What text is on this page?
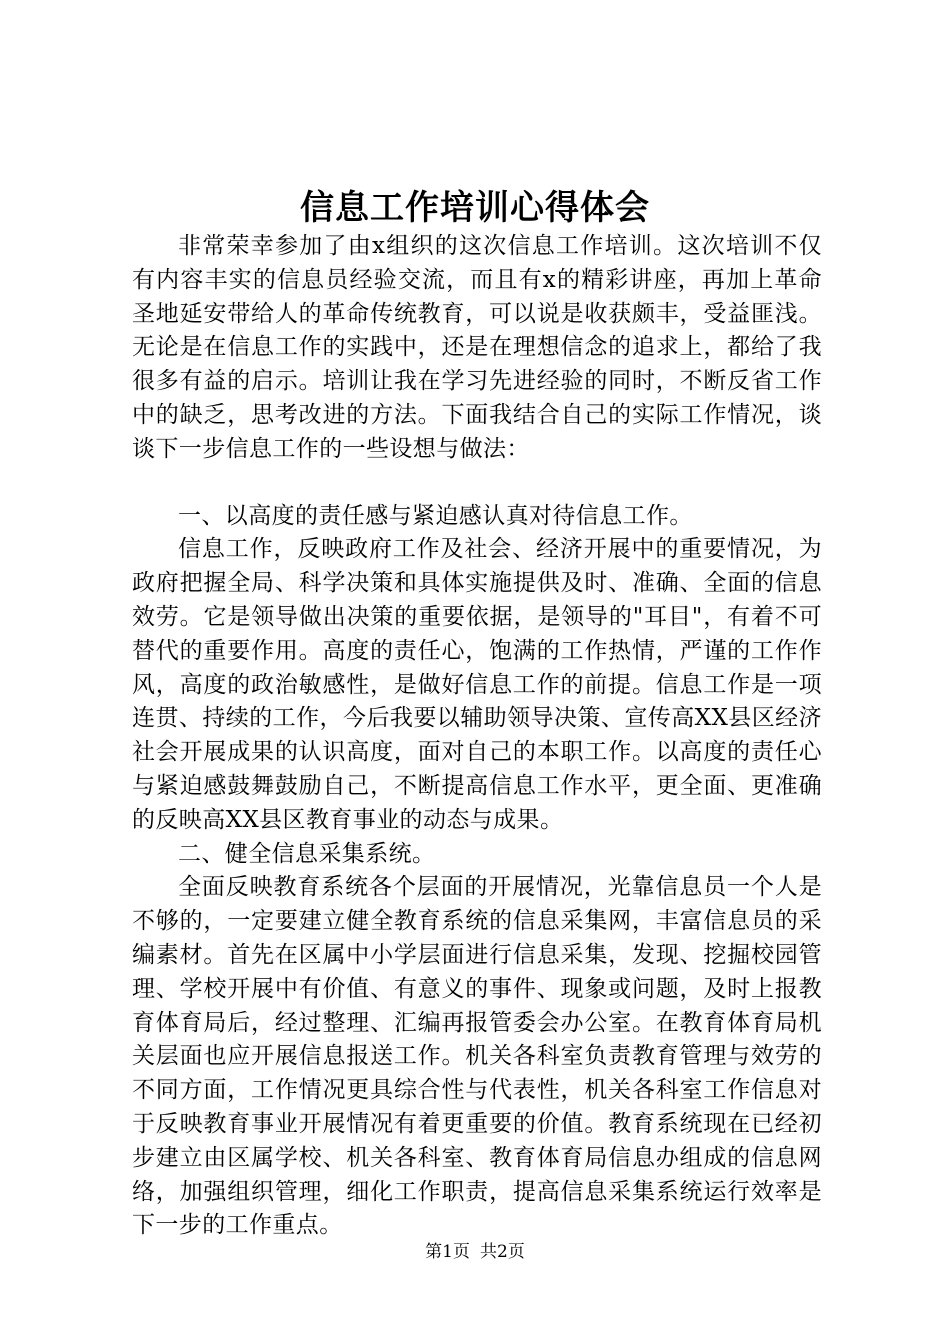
信息工作培训心得体会

非常荣幸参加了由x组织的这次信息工作培训。这次培训不仅有内容丰实的信息员经验交流，而且有x的精彩讲座，再加上革命圣地延安带给人的革命传统教育，可以说是收获颇丰，受益匪浅。无论是在信息工作的实践中，还是在理想信念的追求上，都给了我很多有益的启示。培训让我在学习先进经验的同时，不断反省工作中的缺乏，思考改进的方法。下面我结合自己的实际工作情况，谈谈下一步信息工作的一些设想与做法：

一、以高度的责任感与紧迫感认真对待信息工作。

信息工作，反映政府工作及社会、经济开展中的重要情况，为政府把握全局、科学决策和具体实施提供及时、准确、全面的信息效劳。它是领导做出决策的重要依据，是领导的"耳目"，有着不可替代的重要作用。高度的责任心，饱满的工作热情，严谨的工作作风，高度的政治敏感性，是做好信息工作的前提。信息工作是一项连贯、持续的工作，今后我要以辅助领导决策、宣传高XX县区经济社会开展成果的认识高度，面对自己的本职工作。以高度的责任心与紧迫感鼓舞鼓励自己，不断提高信息工作水平，更全面、更准确的反映高XX县区教育事业的动态与成果。

二、健全信息采集系统。

全面反映教育系统各个层面的开展情况，光靠信息员一个人是不够的，一定要建立健全教育系统的信息采集网，丰富信息员的采编素材。首先在区属中小学层面进行信息采集，发现、挖掘校园管理、学校开展中有价值、有意义的事件、现象或问题，及时上报教育体育局后，经过整理、汇编再报管委会办公室。在教育体育局机关层面也应开展信息报送工作。机关各科室负责教育管理与效劳的不同方面，工作情况更具综合性与代表性，机关各科室工作信息对于反映教育事业开展情况有着更重要的价值。教育系统现在已经初步建立由区属学校、机关各科室、教育体育局信息办组成的信息网络，加强组织管理，细化工作职责，提高信息采集系统运行效率是下一步的工作重点。

第1页 共2页
